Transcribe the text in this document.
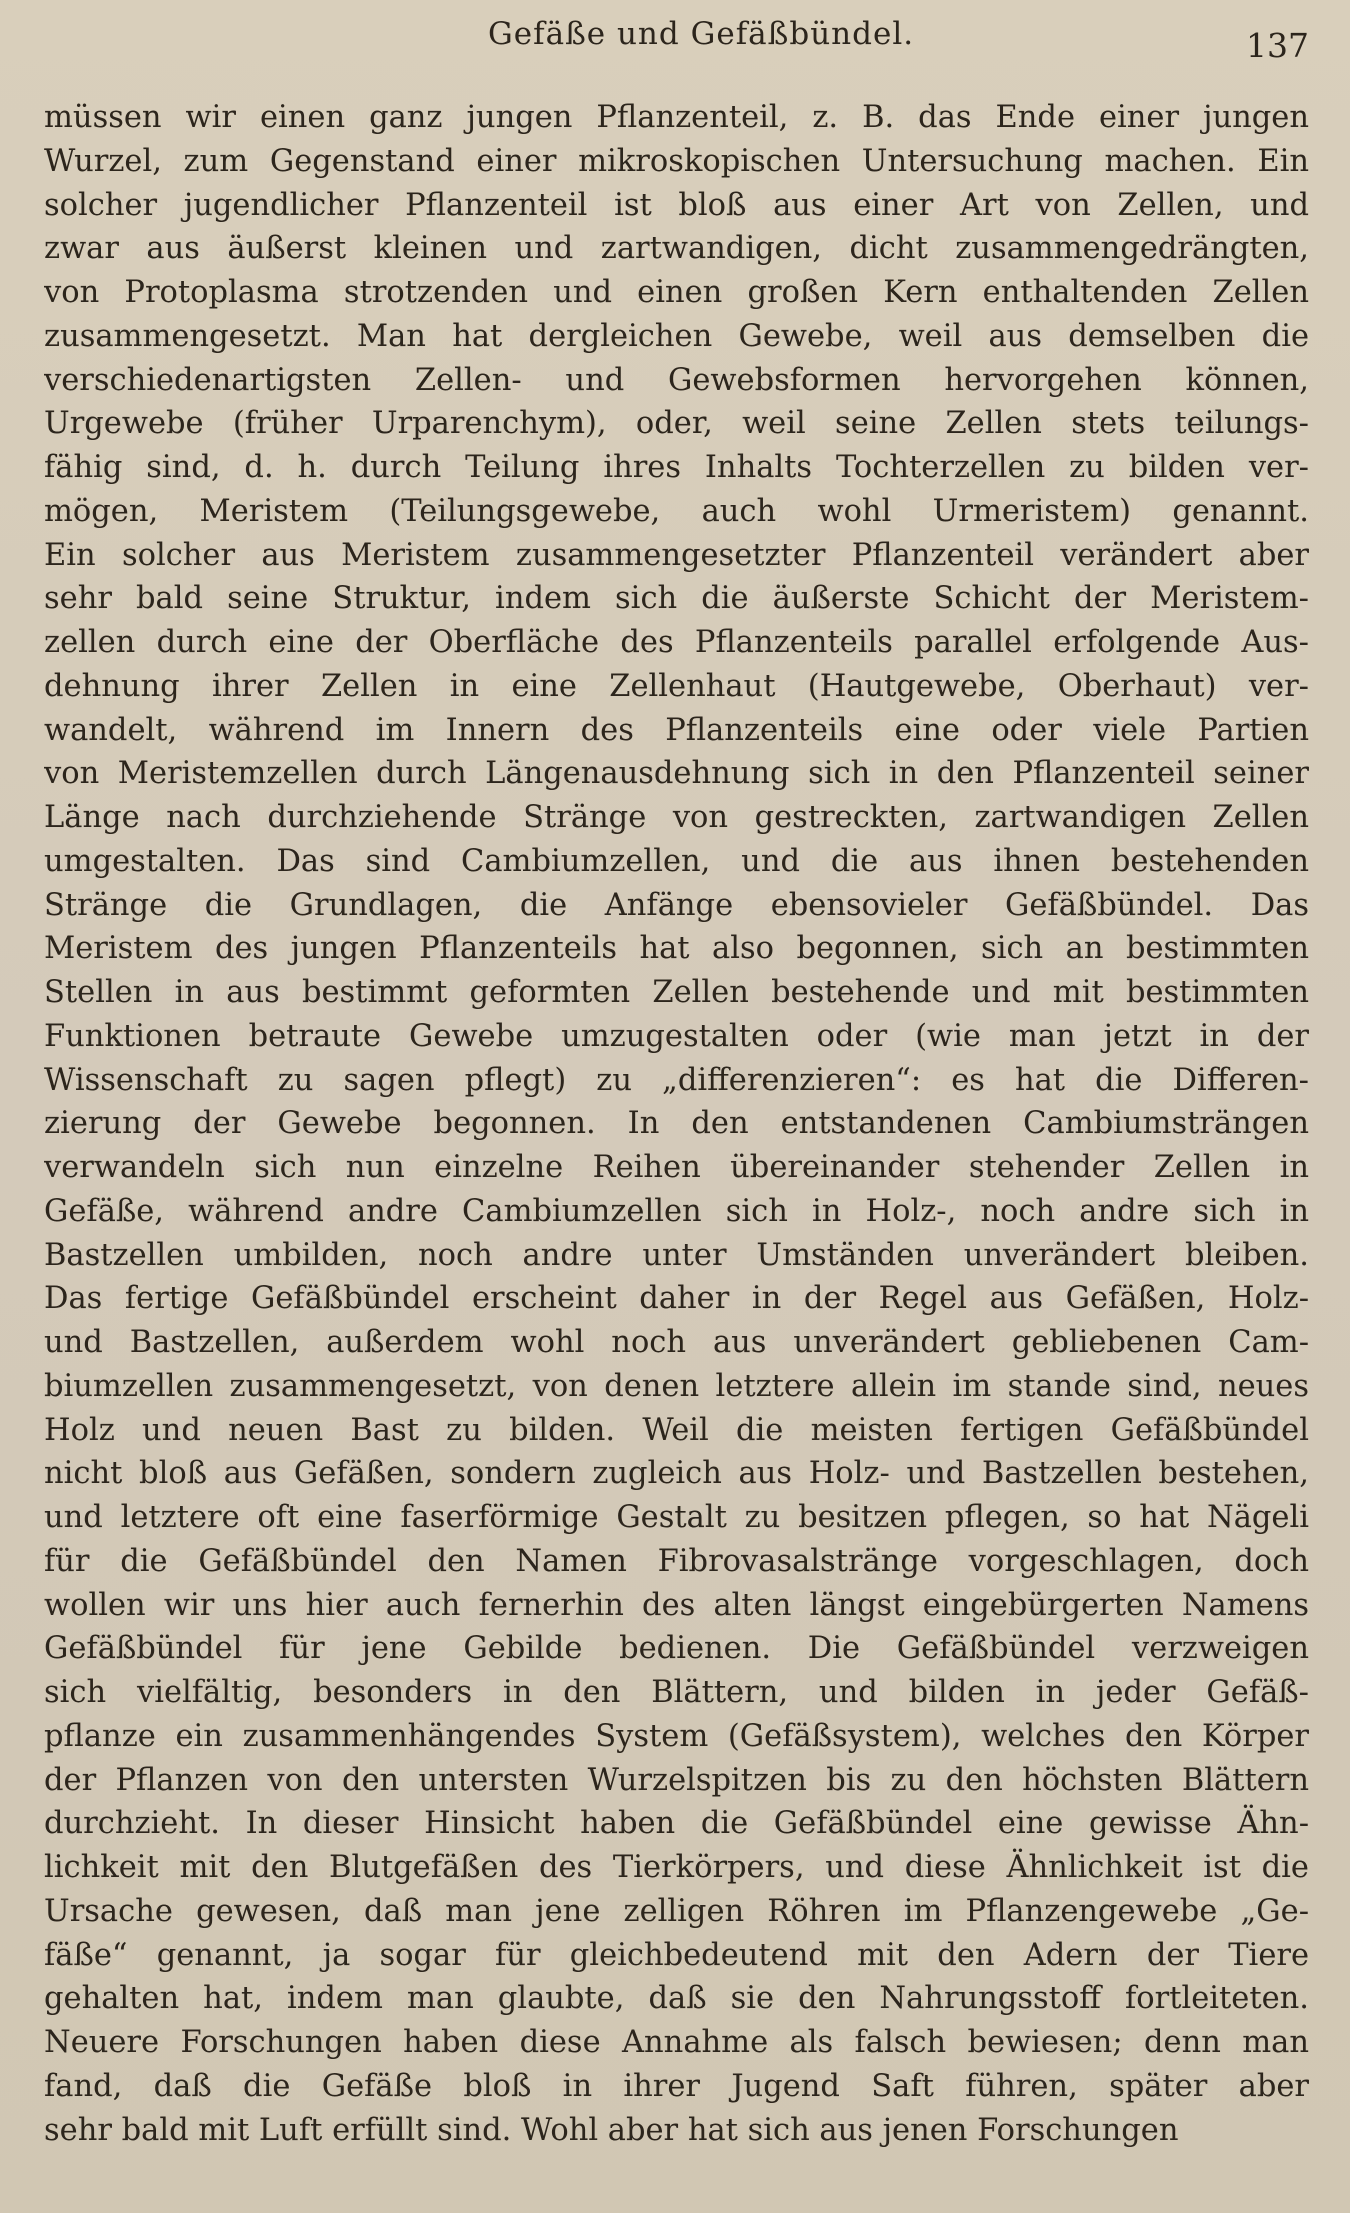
Gefäße und Gefäßbündel.	137
müssen wir einen ganz jungen Pflanzenteil, z. B. das Ende einer jungen
Wurzel, zum Gegenstand einer mikroskopischen Untersuchung machen. Ein
solcher jugendlicher Pflanzenteil ist bloß aus einer Art von Zellen, und
zwar aus äußerst kleinen und zartwandigen, dicht zusammengedrängten,
von Protoplasma strotzenden und einen großen Kern enthaltenden Zellen
zusammengesetzt. Man hat dergleichen Gewebe, weil aus demselben die
verschiedenartigsten Zellen- und Gewebsformen hervorgehen können,
Urgewebe (früher Urparenchym), oder, weil seine Zellen stets teilungs-
fähig sind, d. h. durch Teilung ihres Inhalts Tochterzellen zu bilden ver-
mögen, Meristem (Teilungsgewebe, auch wohl Urmeristem) genannt.
Ein solcher aus Meristem zusammengesetzter Pflanzenteil verändert aber
sehr bald seine Struktur, indem sich die äußerste Schicht der Meristem-
zellen durch eine der Oberfläche des Pflanzenteils parallel erfolgende Aus-
dehnung ihrer Zellen in eine Zellenhaut (Hautgewebe, Oberhaut) ver-
wandelt, während im Innern des Pflanzenteils eine oder viele Partien
von Meristemzellen durch Längenausdehnung sich in den Pflanzenteil seiner
Länge nach durchziehende Stränge von gestreckten, zartwandigen Zellen
umgestalten. Das sind Cambiumzellen, und die aus ihnen bestehenden
Stränge die Grundlagen, die Anfänge ebensovieler Gefäßbündel. Das
Meristem des jungen Pflanzenteils hat also begonnen, sich an bestimmten
Stellen in aus bestimmt geformten Zellen bestehende und mit bestimmten
Funktionen betraute Gewebe umzugestalten oder (wie man jetzt in der
Wissenschaft zu sagen pflegt) zu „differenzieren“: es hat die Differen-
zierung der Gewebe begonnen. In den entstandenen Cambiumsträngen
verwandeln sich nun einzelne Reihen übereinander stehender Zellen in
Gefäße, während andre Cambiumzellen sich in Holz-, noch andre sich in
Bastzellen umbilden, noch andre unter Umständen unverändert bleiben.
Das fertige Gefäßbündel erscheint daher in der Regel aus Gefäßen, Holz-
und Bastzellen, außerdem wohl noch aus unverändert gebliebenen Cam-
biumzellen zusammengesetzt, von denen letztere allein im stande sind, neues
Holz und neuen Bast zu bilden. Weil die meisten fertigen Gefäßbündel
nicht bloß aus Gefäßen, sondern zugleich aus Holz- und Bastzellen bestehen,
und letztere oft eine faserförmige Gestalt zu besitzen pflegen, so hat Nägeli
für die Gefäßbündel den Namen Fibrovasalstränge vorgeschlagen, doch
wollen wir uns hier auch fernerhin des alten längst eingebürgerten Namens
Gefäßbündel für jene Gebilde bedienen. Die Gefäßbündel verzweigen
sich vielfältig, besonders in den Blättern, und bilden in jeder Gefäß-
pflanze ein zusammenhängendes System (Gefäßsystem), welches den Körper
der Pflanzen von den untersten Wurzelspitzen bis zu den höchsten Blättern
durchzieht. In dieser Hinsicht haben die Gefäßbündel eine gewisse Ähn-
lichkeit mit den Blutgefäßen des Tierkörpers, und diese Ähnlichkeit ist die
Ursache gewesen, daß man jene zelligen Röhren im Pflanzengewebe „Ge-
fäße“ genannt, ja sogar für gleichbedeutend mit den Adern der Tiere
gehalten hat, indem man glaubte, daß sie den Nahrungsstoff fortleiteten.
Neuere Forschungen haben diese Annahme als falsch bewiesen; denn man
fand, daß die Gefäße bloß in ihrer Jugend Saft führen, später aber
sehr bald mit Luft erfüllt sind. Wohl aber hat sich aus jenen Forschungen
